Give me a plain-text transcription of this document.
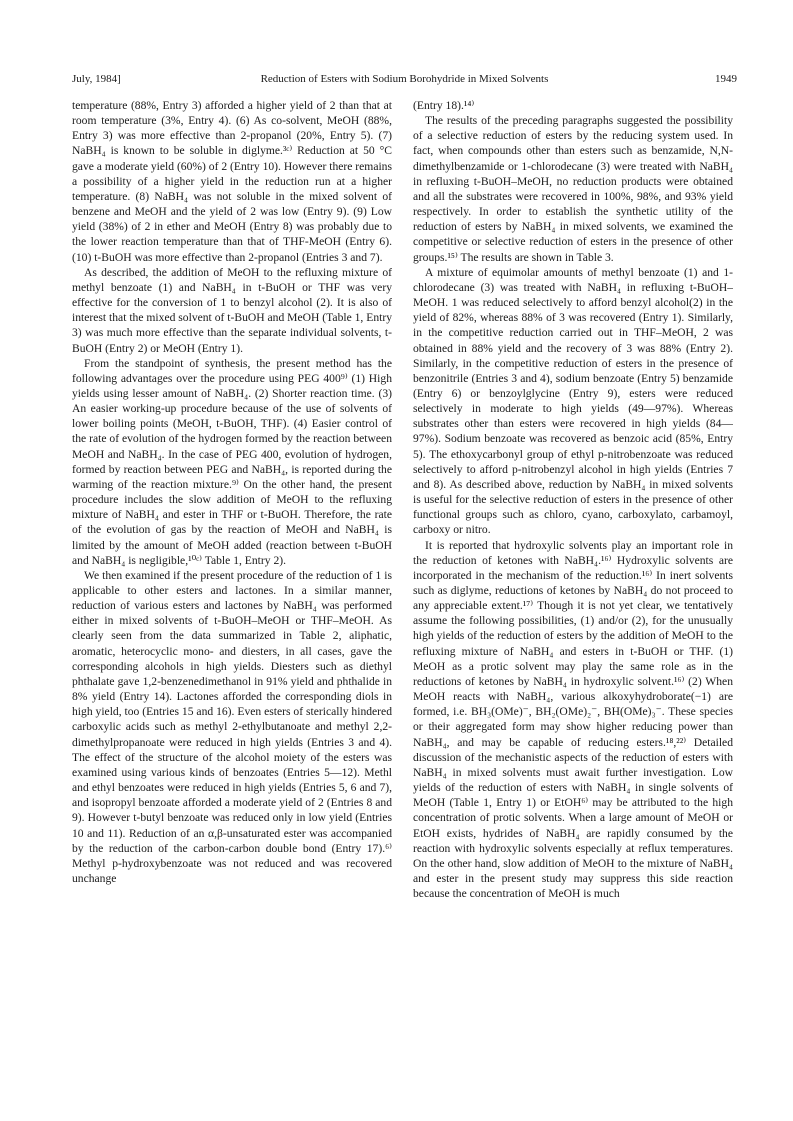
July, 1984]	Reduction of Esters with Sodium Borohydride in Mixed Solvents	1949

temperature (88%, Entry 3) afforded a higher yield of 2 than that at room temperature (3%, Entry 4). (6) As co-solvent, MeOH (88%, Entry 3) was more effective than 2-propanol (20%, Entry 5). (7) NaBH₄ is known to be soluble in diglyme.³ᶜ⁾ Reduction at 50 °C gave a moderate yield (60%) of 2 (Entry 10). However there remains a possibility of a higher yield in the reduction run at a higher temperature. (8) NaBH₄ was not soluble in the mixed solvent of benzene and MeOH and the yield of 2 was low (Entry 9). (9) Low yield (38%) of 2 in ether and MeOH (Entry 8) was probably due to the lower reaction temperature than that of THF-MeOH (Entry 6). (10) t-BuOH was more effective than 2-propanol (Entries 3 and 7).

As described, the addition of MeOH to the refluxing mixture of methyl benzoate (1) and NaBH₄ in t-BuOH or THF was very effective for the conversion of 1 to benzyl alcohol (2). It is also of interest that the mixed solvent of t-BuOH and MeOH (Table 1, Entry 3) was much more effective than the separate individual solvents, t-BuOH (Entry 2) or MeOH (Entry 1).

From the standpoint of synthesis, the present method has the following advantages over the procedure using PEG 400⁹⁾ (1) High yields using lesser amount of NaBH₄. (2) Shorter reaction time. (3) An easier working-up procedure because of the use of solvents of lower boiling points (MeOH, t-BuOH, THF). (4) Easier control of the rate of evolution of the hydrogen formed by the reaction between MeOH and NaBH₄. In the case of PEG 400, evolution of hydrogen, formed by reaction between PEG and NaBH₄, is reported during the warming of the reaction mixture.⁹⁾ On the other hand, the present procedure includes the slow addition of MeOH to the refluxing mixture of NaBH₄ and ester in THF or t-BuOH. Therefore, the rate of the evolution of gas by the reaction of MeOH and NaBH₄ is limited by the amount of MeOH added (reaction between t-BuOH and NaBH₄ is negligible,¹⁰ᶜ⁾ Table 1, Entry 2).

We then examined if the present procedure of the reduction of 1 is applicable to other esters and lactones. In a similar manner, reduction of various esters and lactones by NaBH₄ was performed either in mixed solvents of t-BuOH–MeOH or THF–MeOH. As clearly seen from the data summarized in Table 2, aliphatic, aromatic, heterocyclic mono- and diesters, in all cases, gave the corresponding alcohols in high yields. Diesters such as diethyl phthalate gave 1,2-benzenedimethanol in 91% yield and phthalide in 8% yield (Entry 14). Lactones afforded the corresponding diols in high yield, too (Entries 15 and 16). Even esters of sterically hindered carboxylic acids such as methyl 2-ethylbutanoate and methyl 2,2-dimethylpropanoate were reduced in high yields (Entries 3 and 4). The effect of the structure of the alcohol moiety of the esters was examined using various kinds of benzoates (Entries 5—12). Methl and ethyl benzoates were reduced in high yields (Entries 5, 6 and 7), and isopropyl benzoate afforded a moderate yield of 2 (Entries 8 and 9). However t-butyl benzoate was reduced only in low yield (Entries 10 and 11). Reduction of an α,β-unsaturated ester was accompanied by the reduction of the carbon-carbon double bond (Entry 17).⁶⁾ Methyl p-hydroxybenzoate was not reduced and was recovered unchange

(Entry 18).¹⁴⁾

The results of the preceding paragraphs suggested the possibility of a selective reduction of esters by the reducing system used. In fact, when compounds other than esters such as benzamide, N,N-dimethylbenzamide or 1-chlorodecane (3) were treated with NaBH₄ in refluxing t-BuOH–MeOH, no reduction products were obtained and all the substrates were recovered in 100%, 98%, and 93% yield respectively. In order to establish the synthetic utility of the reduction of esters by NaBH₄ in mixed solvents, we examined the competitive or selective reduction of esters in the presence of other groups.¹⁵⁾ The results are shown in Table 3.

A mixture of equimolar amounts of methyl benzoate (1) and 1-chlorodecane (3) was treated with NaBH₄ in refluxing t-BuOH–MeOH. 1 was reduced selectively to afford benzyl alcohol(2) in the yield of 82%, whereas 88% of 3 was recovered (Entry 1). Similarly, in the competitive reduction carried out in THF–MeOH, 2 was obtained in 88% yield and the recovery of 3 was 88% (Entry 2). Similarly, in the competitive reduction of esters in the presence of benzonitrile (Entries 3 and 4), sodium benzoate (Entry 5) benzamide (Entry 6) or benzoylglycine (Entry 9), esters were reduced selectively in moderate to high yields (49—97%). Whereas substrates other than esters were recovered in high yields (84—97%). Sodium benzoate was recovered as benzoic acid (85%, Entry 5). The ethoxycarbonyl group of ethyl p-nitrobenzoate was reduced selectively to afford p-nitrobenzyl alcohol in high yields (Entries 7 and 8). As described above, reduction by NaBH₄ in mixed solvents is useful for the selective reduction of esters in the presence of other functional groups such as chloro, cyano, carboxylato, carbamoyl, carboxy or nitro.

It is reported that hydroxylic solvents play an important role in the reduction of ketones with NaBH₄.¹⁶⁾ Hydroxylic solvents are incorporated in the mechanism of the reduction.¹⁶⁾ In inert solvents such as diglyme, reductions of ketones by NaBH₄ do not proceed to any appreciable extent.¹⁷⁾ Though it is not yet clear, we tentatively assume the following possibilities, (1) and/or (2), for the unusually high yields of the reduction of esters by the addition of MeOH to the refluxing mixture of NaBH₄ and esters in t-BuOH or THF. (1) MeOH as a protic solvent may play the same role as in the reductions of ketones by NaBH₄ in hydroxylic solvent.¹⁶⁾ (2) When MeOH reacts with NaBH₄, various alkoxyhydroborate(−1) are formed, i.e. BH₃(OMe)⁻, BH₂(OMe)₂⁻, BH(OMe)₃⁻. These species or their aggregated form may show higher reducing power than NaBH₄, and may be capable of reducing esters.¹⁸,²²⁾ Detailed discussion of the mechanistic aspects of the reduction of esters with NaBH₄ in mixed solvents must await further investigation. Low yields of the reduction of esters with NaBH₄ in single solvents of MeOH (Table 1, Entry 1) or EtOH⁶⁾ may be attributed to the high concentration of protic solvents. When a large amount of MeOH or EtOH exists, hydrides of NaBH₄ are rapidly consumed by the reaction with hydroxylic solvents especially at reflux temperatures. On the other hand, slow addition of MeOH to the mixture of NaBH₄ and ester in the present study may suppress this side reaction because the concentration of MeOH is much
